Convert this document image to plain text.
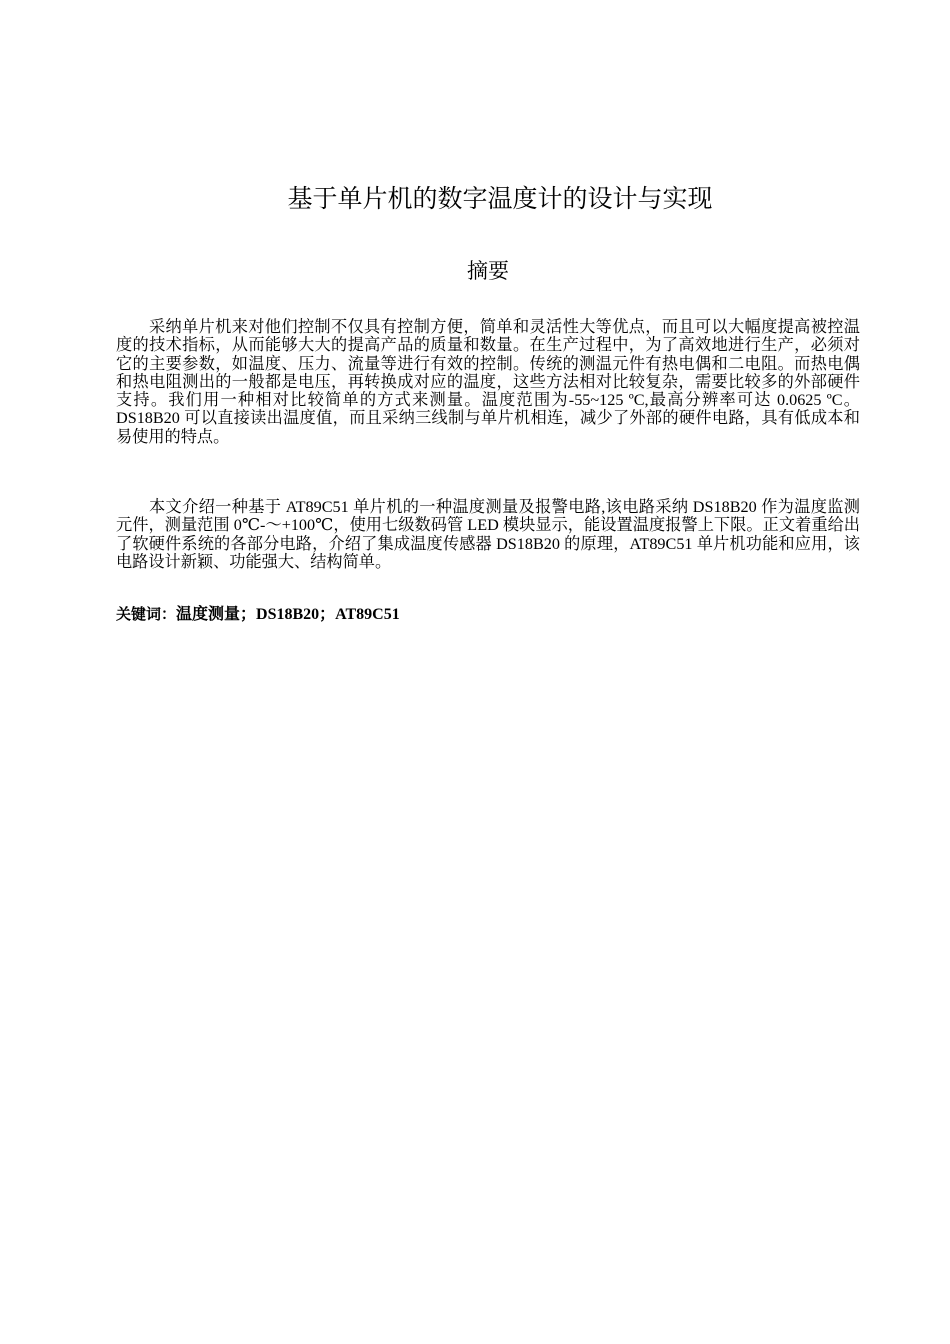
基于单片机的数字温度计的设计与实现
摘要

采纳单片机来对他们控制不仅具有控制方便，简单和灵活性大等优点，而且可以大幅度提高被控温度的技术指标，从而能够大大的提高产品的质量和数量。在生产过程中，为了高效地进行生产，必须对它的主要参数，如温度、压力、流量等进行有效的控制。传统的测温元件有热电偶和二电阻。而热电偶和热电阻测出的一般都是电压，再转换成对应的温度，这些方法相对比较复杂，需要比较多的外部硬件支持。我们用一种相对比较简单的方式来测量。温度范围为-55~125 ºC,最高分辨率可达 0.0625 ºC。DS18B20 可以直接读出温度值，而且采纳三线制与单片机相连，减少了外部的硬件电路，具有低成本和易使用的特点。

本文介绍一种基于 AT89C51 单片机的一种温度测量及报警电路,该电路采纳 DS18B20 作为温度监测元件，测量范围 0℃-～+100℃，使用七级数码管 LED 模块显示，能设置温度报警上下限。正文着重给出了软硬件系统的各部分电路，介绍了集成温度传感器 DS18B20 的原理，AT89C51 单片机功能和应用，该电路设计新颖、功能强大、结构简单。

关键词：温度测量；DS18B20；AT89C51
